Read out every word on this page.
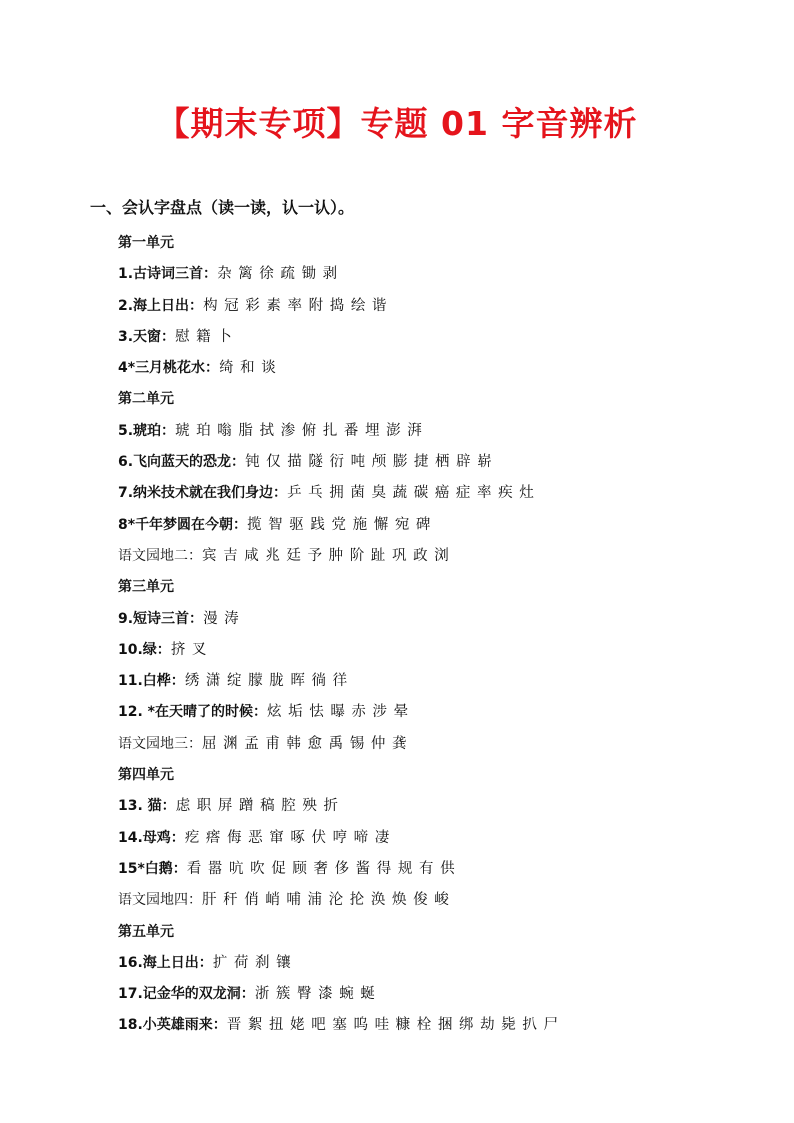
【期末专项】专题 01 字音辨析
一、会认字盘点（读一读，认一认）。
第一单元
1.古诗词三首：杂 篱 徐 疏 锄 剥
2.海上日出：构 冠 彩 素 率 附 捣 绘 谐
3.天窗：慰 籍 卜
4*三月桃花水：绮 和 谈
第二单元
5.琥珀：琥 珀 嗡 脂 拭 渗 俯 扎 番 埋 澎 湃
6.飞向蓝天的恐龙：钝 仅 描 隧 衍 吨 颅 膨 捷 栖 辟 崭
7.纳米技术就在我们身边：乒 乓 拥 菌 臭 蔬 碳 癌 症 率 疾 灶
8*千年梦圆在今朝：揽 智 驱 践 党 施 懈 宛 碑
语文园地二：宾 吉 咸 兆 廷 予 肿 阶 趾 巩 政 浏
第三单元
9.短诗三首：漫 涛
10.绿：挤 叉
11.白桦：绣 潇 绽 朦 胧 晖 徜 徉
12. *在天晴了的时候：炫 垢 怯 曝 赤 涉 晕
语文园地三：屈 渊 孟 甫 韩 愈 禹 锡 仲 龚
第四单元
13. 猫：虑 职 屏 蹭 稿 腔 殃 折
14.母鸡：疙 瘩 侮 恶 窜 啄 伏 哼 啼 凄
15*白鹅：看 嚣 吭 吹 促 顾 奢 侈 酱 得 规 有 供
语文园地四：肝 秆 俏 峭 哺 浦 沦 抡 涣 焕 俊 峻
第五单元
16.海上日出：扩 荷 刹 镶
17.记金华的双龙洞：浙 簇 臀 漆 蜿 蜒
18.小英雄雨来：晋 絮 扭 姥 吧 塞 呜 哇 糠 栓 捆 绑 劫 毙 扒 尸
